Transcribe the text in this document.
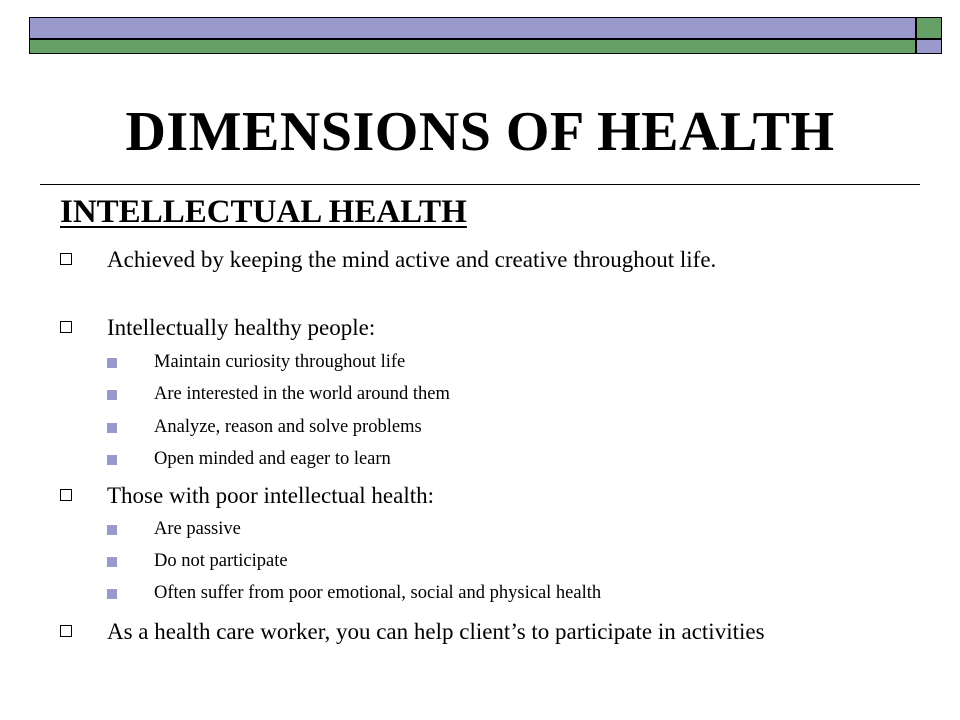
DIMENSIONS OF HEALTH
INTELLECTUAL HEALTH
Achieved by keeping the mind active and creative throughout life.
Intellectually healthy people:
Maintain curiosity throughout life
Are interested in the world around them
Analyze, reason and solve problems
Open minded and eager to learn
Those with poor intellectual health:
Are passive
Do not participate
Often suffer from poor emotional, social and physical health
As a health care worker, you can help client’s to participate in activities
